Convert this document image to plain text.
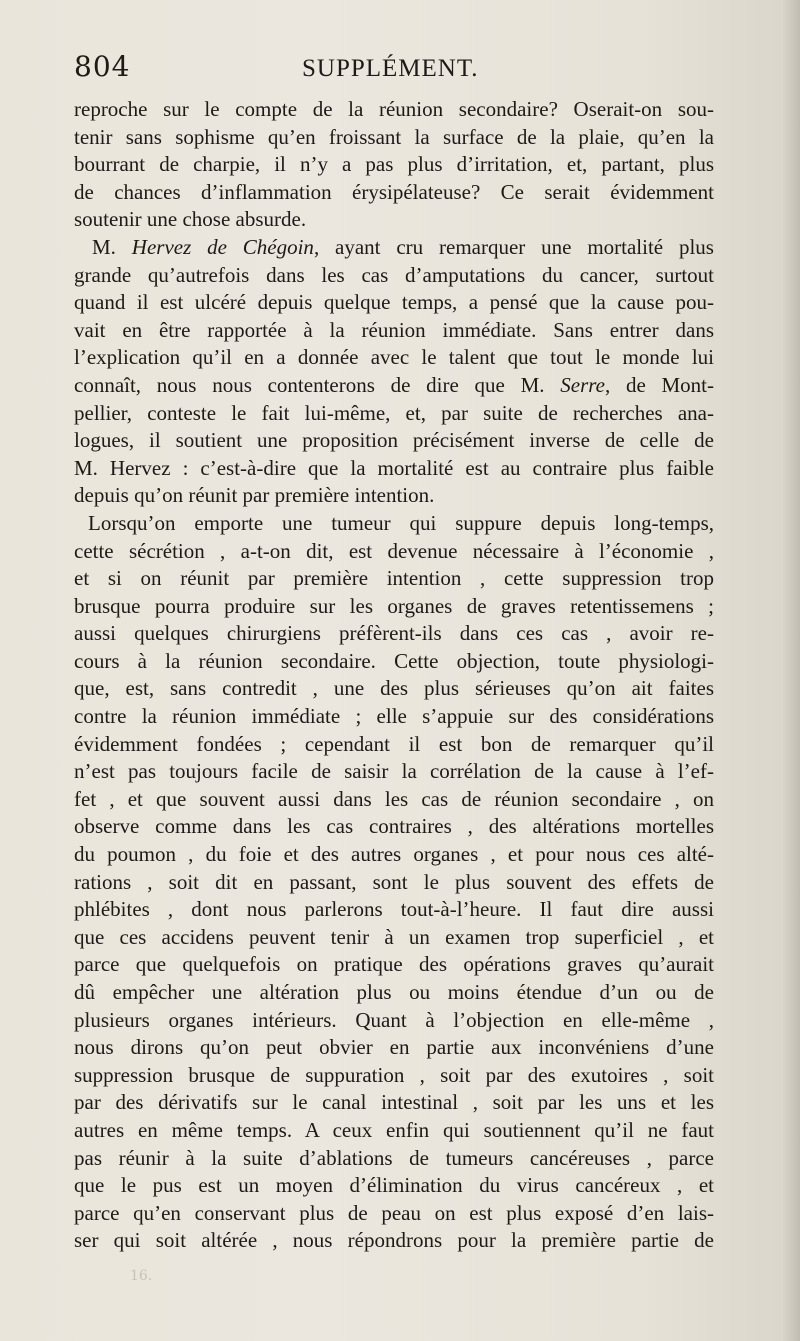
804	SUPPLÉMENT.
reproche sur le compte de la réunion secondaire? Oserait-on sou-
tenir sans sophisme qu’en froissant la surface de la plaie, qu’en la
bourrant de charpie, il n’y a pas plus d’irritation, et, partant, plus
de chances d’inflammation érysipélateuse? Ce serait évidemment
soutenir une chose absurde.
M. Hervez de Chégoin, ayant cru remarquer une mortalité plus
grande qu’autrefois dans les cas d’amputations du cancer, surtout
quand il est ulcéré depuis quelque temps, a pensé que la cause pou-
vait en être rapportée à la réunion immédiate. Sans entrer dans
l’explication qu’il en a donnée avec le talent que tout le monde lui
connaît, nous nous contenterons de dire que M. Serre, de Mont-
pellier, conteste le fait lui-même, et, par suite de recherches ana-
logues, il soutient une proposition précisément inverse de celle de
M. Hervez : c’est-à-dire que la mortalité est au contraire plus faible
depuis qu’on réunit par première intention.
Lorsqu’on emporte une tumeur qui suppure depuis long-temps,
cette sécrétion , a-t-on dit, est devenue nécessaire à l’économie ,
et si on réunit par première intention , cette suppression trop
brusque pourra produire sur les organes de graves retentissemens ;
aussi quelques chirurgiens préfèrent-ils dans ces cas , avoir re-
cours à la réunion secondaire. Cette objection, toute physiologi-
que, est, sans contredit , une des plus sérieuses qu’on ait faites
contre la réunion immédiate ; elle s’appuie sur des considérations
évidemment fondées ; cependant il est bon de remarquer qu’il
n’est pas toujours facile de saisir la corrélation de la cause à l’ef-
fet , et que souvent aussi dans les cas de réunion secondaire , on
observe comme dans les cas contraires , des altérations mortelles
du poumon , du foie et des autres organes , et pour nous ces alté-
rations , soit dit en passant, sont le plus souvent des effets de
phlébites , dont nous parlerons tout-à-l’heure. Il faut dire aussi
que ces accidens peuvent tenir à un examen trop superficiel , et
parce que quelquefois on pratique des opérations graves qu’aurait
dû empêcher une altération plus ou moins étendue d’un ou de
plusieurs organes intérieurs. Quant à l’objection en elle-même ,
nous dirons qu’on peut obvier en partie aux inconvéniens d’une
suppression brusque de suppuration , soit par des exutoires , soit
par des dérivatifs sur le canal intestinal , soit par les uns et les
autres en même temps. A ceux enfin qui soutiennent qu’il ne faut
pas réunir à la suite d’ablations de tumeurs cancéreuses , parce
que le pus est un moyen d’élimination du virus cancéreux , et
parce qu’en conservant plus de peau on est plus exposé d’en lais-
ser qui soit altérée , nous répondrons pour la première partie de
16.
